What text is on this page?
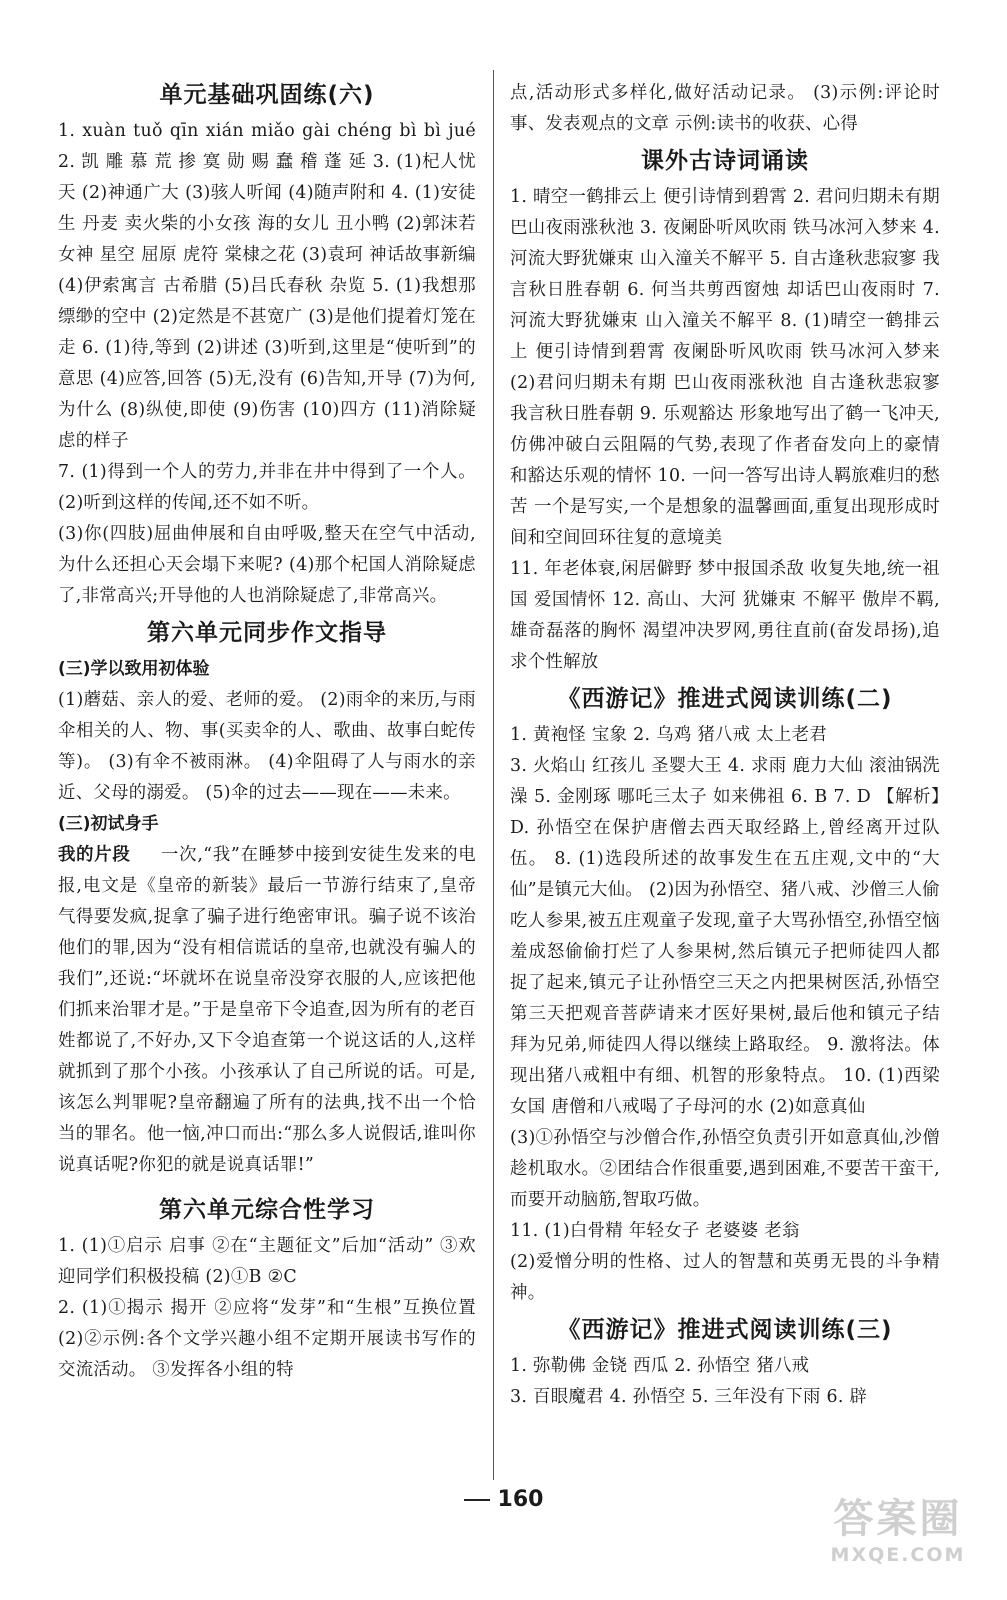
单元基础巩固练(六)

1. xuàn tuǒ qīn xián miǎo gài chéng bì bì jué 2. 凯 雕 慕 荒 掺 寞 勋 赐 蠢 稽 蓬 延 3. (1)杞人忧天 (2)神通广大 (3)骇人听闻 (4)随声附和 4. (1)安徒生 丹麦 卖火柴的小女孩 海的女儿 丑小鸭 (2)郭沫若 女神 星空 屈原 虎符 棠棣之花 (3)袁珂 神话故事新编 (4)伊索寓言 古希腊 (5)吕氏春秋 杂览 5. (1)我想那缥缈的空中 (2)定然是不甚宽广 (3)是他们提着灯笼在走 6. (1)待,等到 (2)讲述 (3)听到,这里是“使听到”的意思 (4)应答,回答 (5)无,没有 (6)告知,开导 (7)为何,为什么 (8)纵使,即使 (9)伤害 (10)四方 (11)消除疑虑的样子

7. (1)得到一个人的劳力,并非在井中得到了一个人。 (2)听到这样的传闻,还不如不听。

(3)你(四肢)屈曲伸展和自由呼吸,整天在空气中活动,为什么还担心天会塌下来呢? (4)那个杞国人消除疑虑了,非常高兴;开导他的人也消除疑虑了,非常高兴。

第六单元同步作文指导
(三)学以致用初体验

(1)蘑菇、亲人的爱、老师的爱。 (2)雨伞的来历,与雨伞相关的人、物、事(买卖伞的人、歌曲、故事白蛇传等)。 (3)有伞不被雨淋。 (4)伞阻碍了人与雨水的亲近、父母的溺爱。 (5)伞的过去——现在——未来。

(三)初试身手

我的片段 一次,“我”在睡梦中接到安徒生发来的电报,电文是《皇帝的新装》最后一节游行结束了,皇帝气得要发疯,捉拿了骗子进行绝密审讯。骗子说不该治他们的罪,因为“没有相信谎话的皇帝,也就没有骗人的我们”,还说:“坏就坏在说皇帝没穿衣服的人,应该把他们抓来治罪才是。”于是皇帝下令追查,因为所有的老百姓都说了,不好办,又下令追查第一个说这话的人,这样就抓到了那个小孩。小孩承认了自己所说的话。可是,该怎么判罪呢?皇帝翻遍了所有的法典,找不出一个恰当的罪名。他一恼,冲口而出:“那么多人说假话,谁叫你说真话呢?你犯的就是说真话罪!”

第六单元综合性学习

1. (1)①启示 启事 ②在“主题征文”后加“活动” ③欢迎同学们积极投稿 (2)①B ②C

2. (1)①揭示 揭开 ②应将“发芽”和“生根”互换位置 (2)②示例:各个文学兴趣小组不定期开展读书写作的交流活动。 ③发挥各小组的特

点,活动形式多样化,做好活动记录。 (3)示例:评论时事、发表观点的文章 示例:读书的收获、心得

课外古诗词诵读

1. 晴空一鹤排云上 便引诗情到碧霄 2. 君问归期未有期 巴山夜雨涨秋池 3. 夜阑卧听风吹雨 铁马冰河入梦来 4. 河流大野犹嫌束 山入潼关不解平 5. 自古逢秋悲寂寥 我言秋日胜春朝 6. 何当共剪西窗烛 却话巴山夜雨时 7. 河流大野犹嫌束 山入潼关不解平 8. (1)晴空一鹤排云上 便引诗情到碧霄 夜阑卧听风吹雨 铁马冰河入梦来 (2)君问归期未有期 巴山夜雨涨秋池 自古逢秋悲寂寥 我言秋日胜春朝 9. 乐观豁达 形象地写出了鹤一飞冲天,仿佛冲破白云阻隔的气势,表现了作者奋发向上的豪情和豁达乐观的情怀 10. 一问一答写出诗人羁旅难归的愁苦 一个是写实,一个是想象的温馨画面,重复出现形成时间和空间回环往复的意境美

11. 年老体衰,闲居僻野 梦中报国杀敌 收复失地,统一祖国 爱国情怀 12. 高山、大河 犹嫌束 不解平 傲岸不羁,雄奇磊落的胸怀 渴望冲决罗网,勇往直前(奋发昂扬),追求个性解放

《西游记》推进式阅读训练(二)

1. 黄袍怪 宝象 2. 乌鸡 猪八戒 太上老君

3. 火焰山 红孩儿 圣婴大王 4. 求雨 鹿力大仙 滚油锅洗澡 5. 金刚琢 哪吒三太子 如来佛祖 6. B 7. D 【解析】D. 孙悟空在保护唐僧去西天取经路上,曾经离开过队伍。 8. (1)选段所述的故事发生在五庄观,文中的“大仙”是镇元大仙。 (2)因为孙悟空、猪八戒、沙僧三人偷吃人参果,被五庄观童子发现,童子大骂孙悟空,孙悟空恼羞成怒偷偷打烂了人参果树,然后镇元子把师徒四人都捉了起来,镇元子让孙悟空三天之内把果树医活,孙悟空第三天把观音菩萨请来才医好果树,最后他和镇元子结拜为兄弟,师徒四人得以继续上路取经。 9. 激将法。体现出猪八戒粗中有细、机智的形象特点。 10. (1)西梁女国 唐僧和八戒喝了子母河的水 (2)如意真仙

(3)①孙悟空与沙僧合作,孙悟空负责引开如意真仙,沙僧趁机取水。②团结合作很重要,遇到困难,不要苦干蛮干,而要开动脑筋,智取巧做。

11. (1)白骨精 年轻女子 老婆婆 老翁

(2)爱憎分明的性格、过人的智慧和英勇无畏的斗争精神。

《西游记》推进式阅读训练(三)

1. 弥勒佛 金铙 西瓜 2. 孙悟空 猪八戒

3. 百眼魔君 4. 孙悟空 5. 三年没有下雨 6. 辟

160	答案圈
MXQE.COM
